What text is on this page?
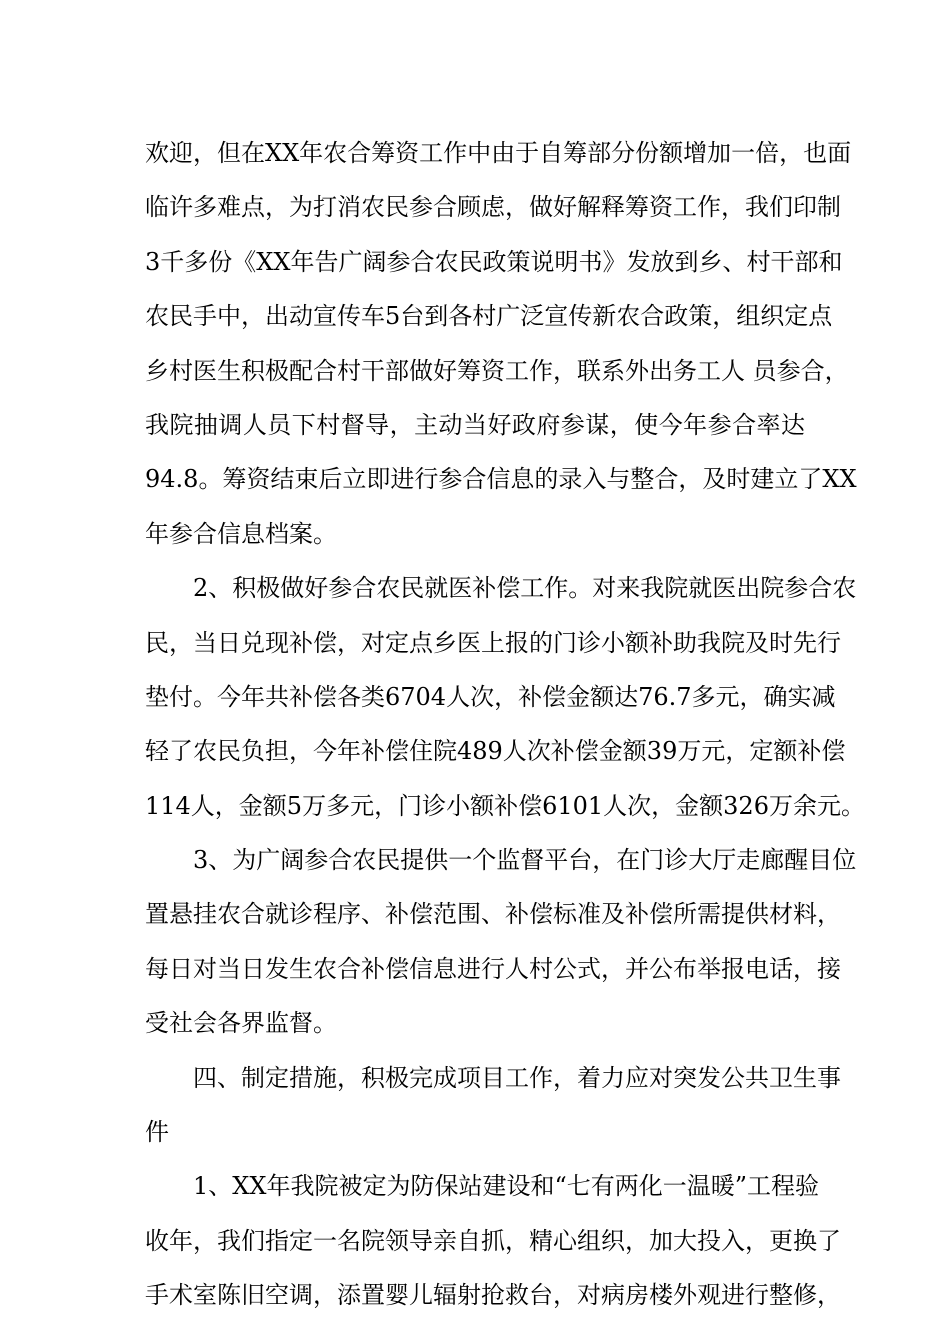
欢迎，但在XX年农合筹资工作中由于自筹部分份额增加一倍，也面
临许多难点，为打消农民参合顾虑，做好解释筹资工作，我们印制
3千多份《XX年告广阔参合农民政策说明书》发放到乡、村干部和
农民手中，出动宣传车5台到各村广泛宣传新农合政策，组织定点
乡村医生积极配合村干部做好筹资工作，联系外出务工人 员参合，
我院抽调人员下村督导，主动当好政府参谋，使今年参合率达
94.8。筹资结束后立即进行参合信息的录入与整合，及时建立了XX
年参合信息档案。
2、积极做好参合农民就医补偿工作。对来我院就医出院参合农
民，当日兑现补偿，对定点乡医上报的门诊小额补助我院及时先行
垫付。今年共补偿各类6704人次，补偿金额达76.7多元，确实减
轻了农民负担，今年补偿住院489人次补偿金额39万元，定额补偿
114人，金额5万多元，门诊小额补偿6101人次，金额326万余元。
3、为广阔参合农民提供一个监督平台，在门诊大厅走廊醒目位
置悬挂农合就诊程序、补偿范围、补偿标准及补偿所需提供材料，
每日对当日发生农合补偿信息进行人村公式，并公布举报电话，接
受社会各界监督。
四、制定措施，积极完成项目工作，着力应对突发公共卫生事
件
1、XX年我院被定为防保站建设和“七有两化一温暖”工程验
收年，我们指定一名院领导亲自抓，精心组织，加大投入，更换了
手术室陈旧空调，添置婴儿辐射抢救台，对病房楼外观进行整修，
